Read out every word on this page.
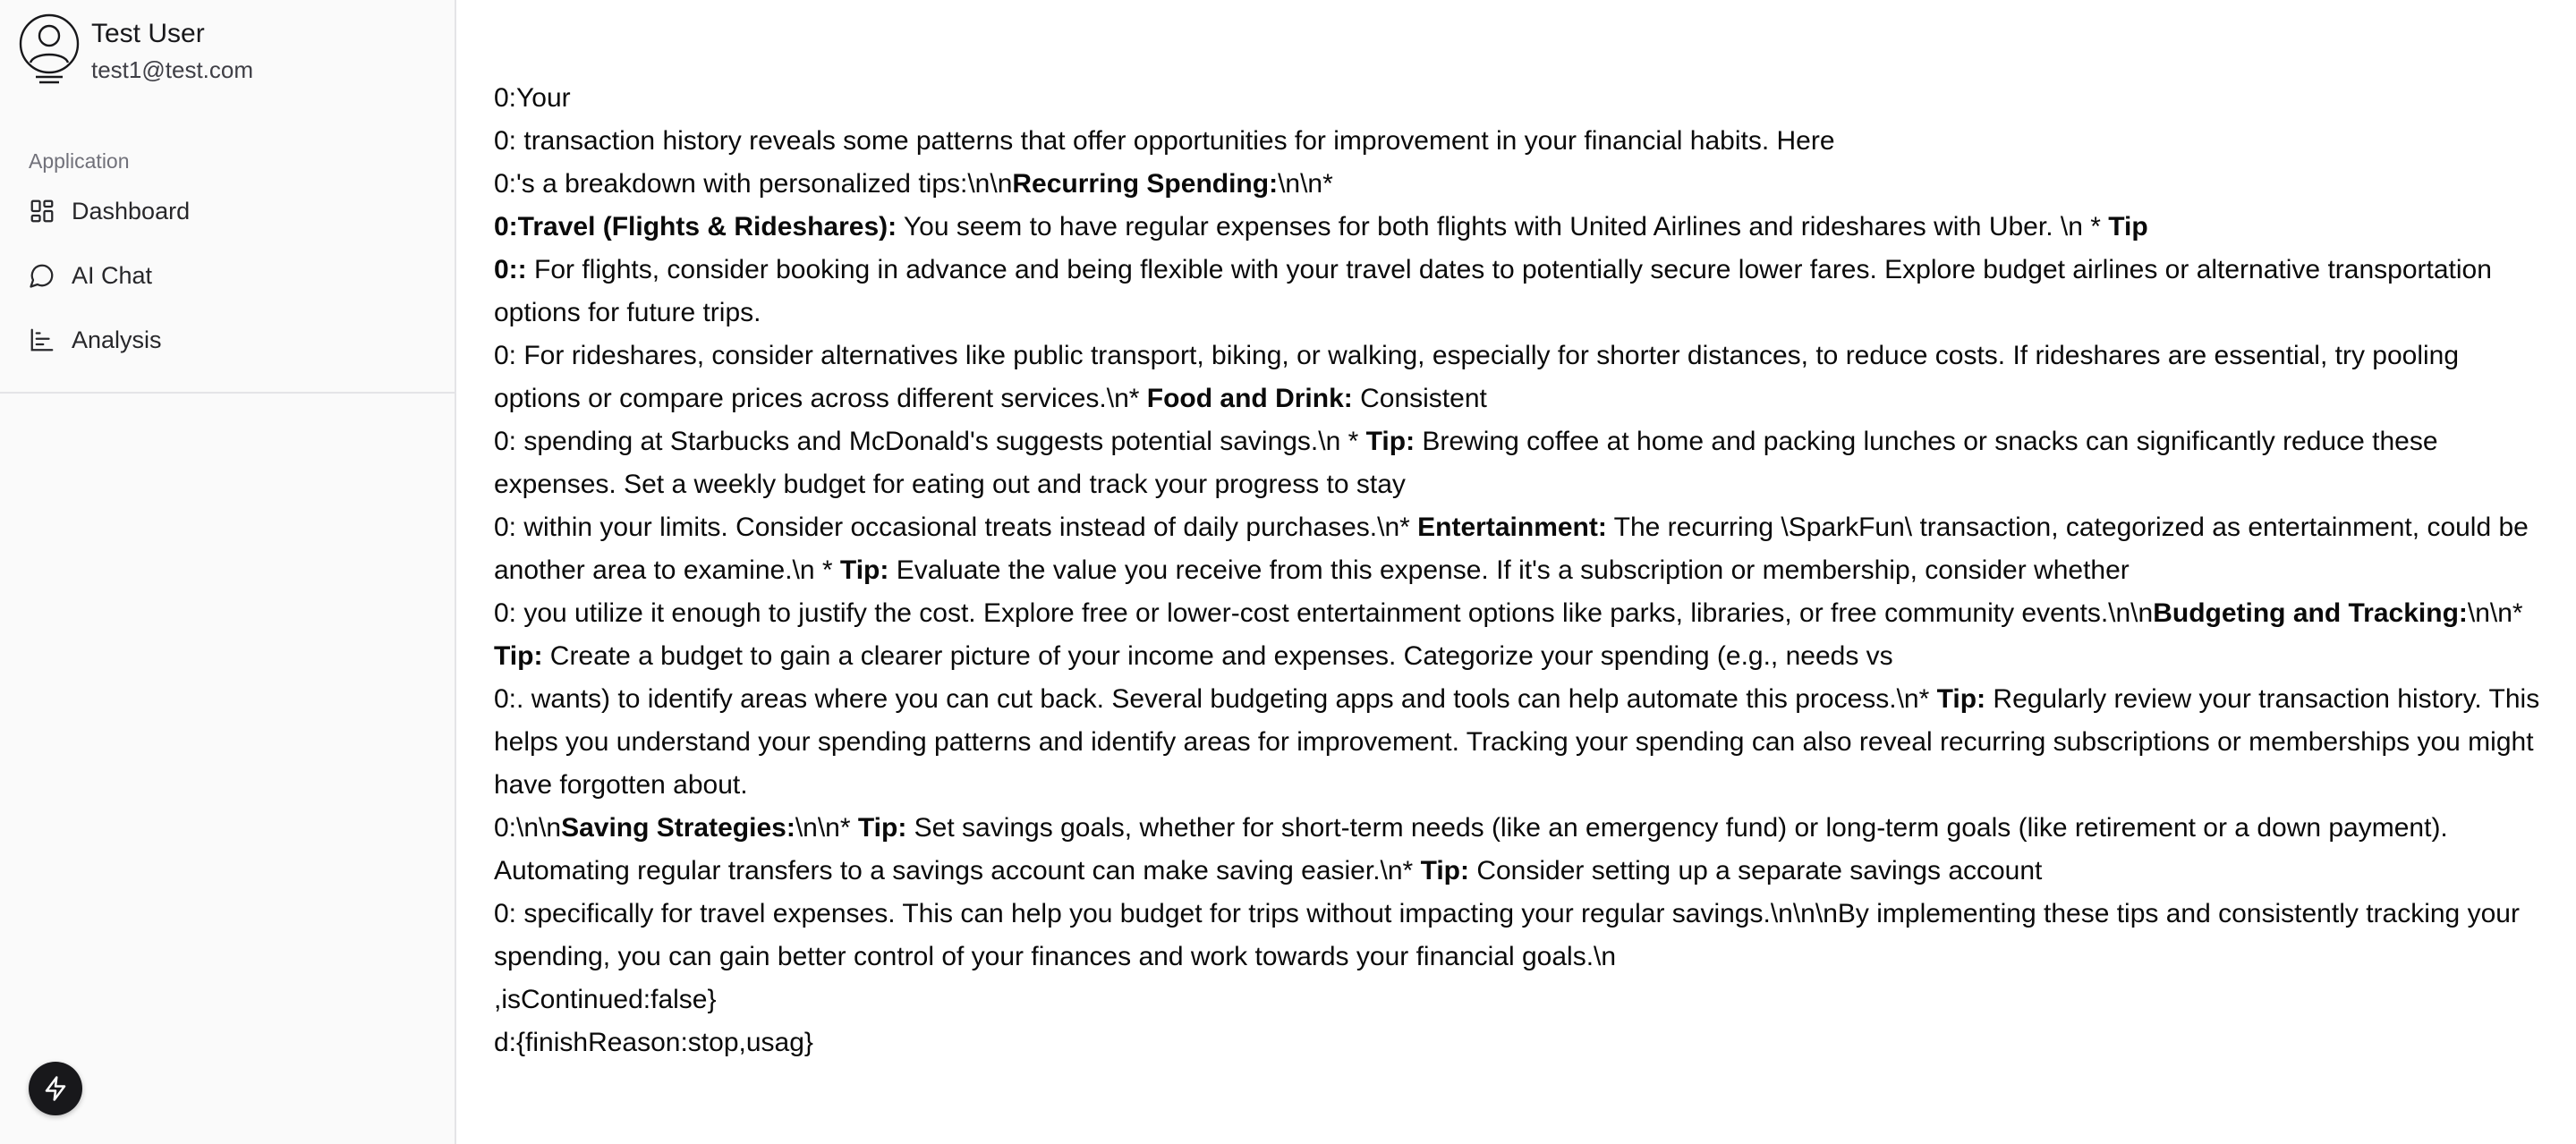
Test User
test1@test.com
Application
Dashboard
AI Chat
Analysis
0:Your
0: transaction history reveals some patterns that offer opportunities for improvement in your financial habits. Here
0:'s a breakdown with personalized tips:\n\nRecurring Spending:\n\n*
0:Travel (Flights & Rideshares): You seem to have regular expenses for both flights with United Airlines and rideshares with Uber. \n * Tip
0:: For flights, consider booking in advance and being flexible with your travel dates to potentially secure lower fares. Explore budget airlines or alternative transportation options for future trips.
0: For rideshares, consider alternatives like public transport, biking, or walking, especially for shorter distances, to reduce costs. If rideshares are essential, try pooling options or compare prices across different services.\n* Food and Drink: Consistent
0: spending at Starbucks and McDonald's suggests potential savings.\n * Tip: Brewing coffee at home and packing lunches or snacks can significantly reduce these expenses. Set a weekly budget for eating out and track your progress to stay
0: within your limits. Consider occasional treats instead of daily purchases.\n* Entertainment: The recurring \SparkFun\ transaction, categorized as entertainment, could be another area to examine.\n * Tip: Evaluate the value you receive from this expense. If it's a subscription or membership, consider whether
0: you utilize it enough to justify the cost. Explore free or lower-cost entertainment options like parks, libraries, or free community events.\n\nBudgeting and Tracking:\n\n* Tip: Create a budget to gain a clearer picture of your income and expenses. Categorize your spending (e.g., needs vs
0:. wants) to identify areas where you can cut back. Several budgeting apps and tools can help automate this process.\n* Tip: Regularly review your transaction history. This helps you understand your spending patterns and identify areas for improvement. Tracking your spending can also reveal recurring subscriptions or memberships you might have forgotten about.
0:\n\nSaving Strategies:\n\n* Tip: Set savings goals, whether for short-term needs (like an emergency fund) or long-term goals (like retirement or a down payment). Automating regular transfers to a savings account can make saving easier.\n* Tip: Consider setting up a separate savings account
0: specifically for travel expenses. This can help you budget for trips without impacting your regular savings.\n\n\nBy implementing these tips and consistently tracking your spending, you can gain better control of your finances and work towards your financial goals.\n
,isContinued:false}
d:{finishReason:stop,usag}
